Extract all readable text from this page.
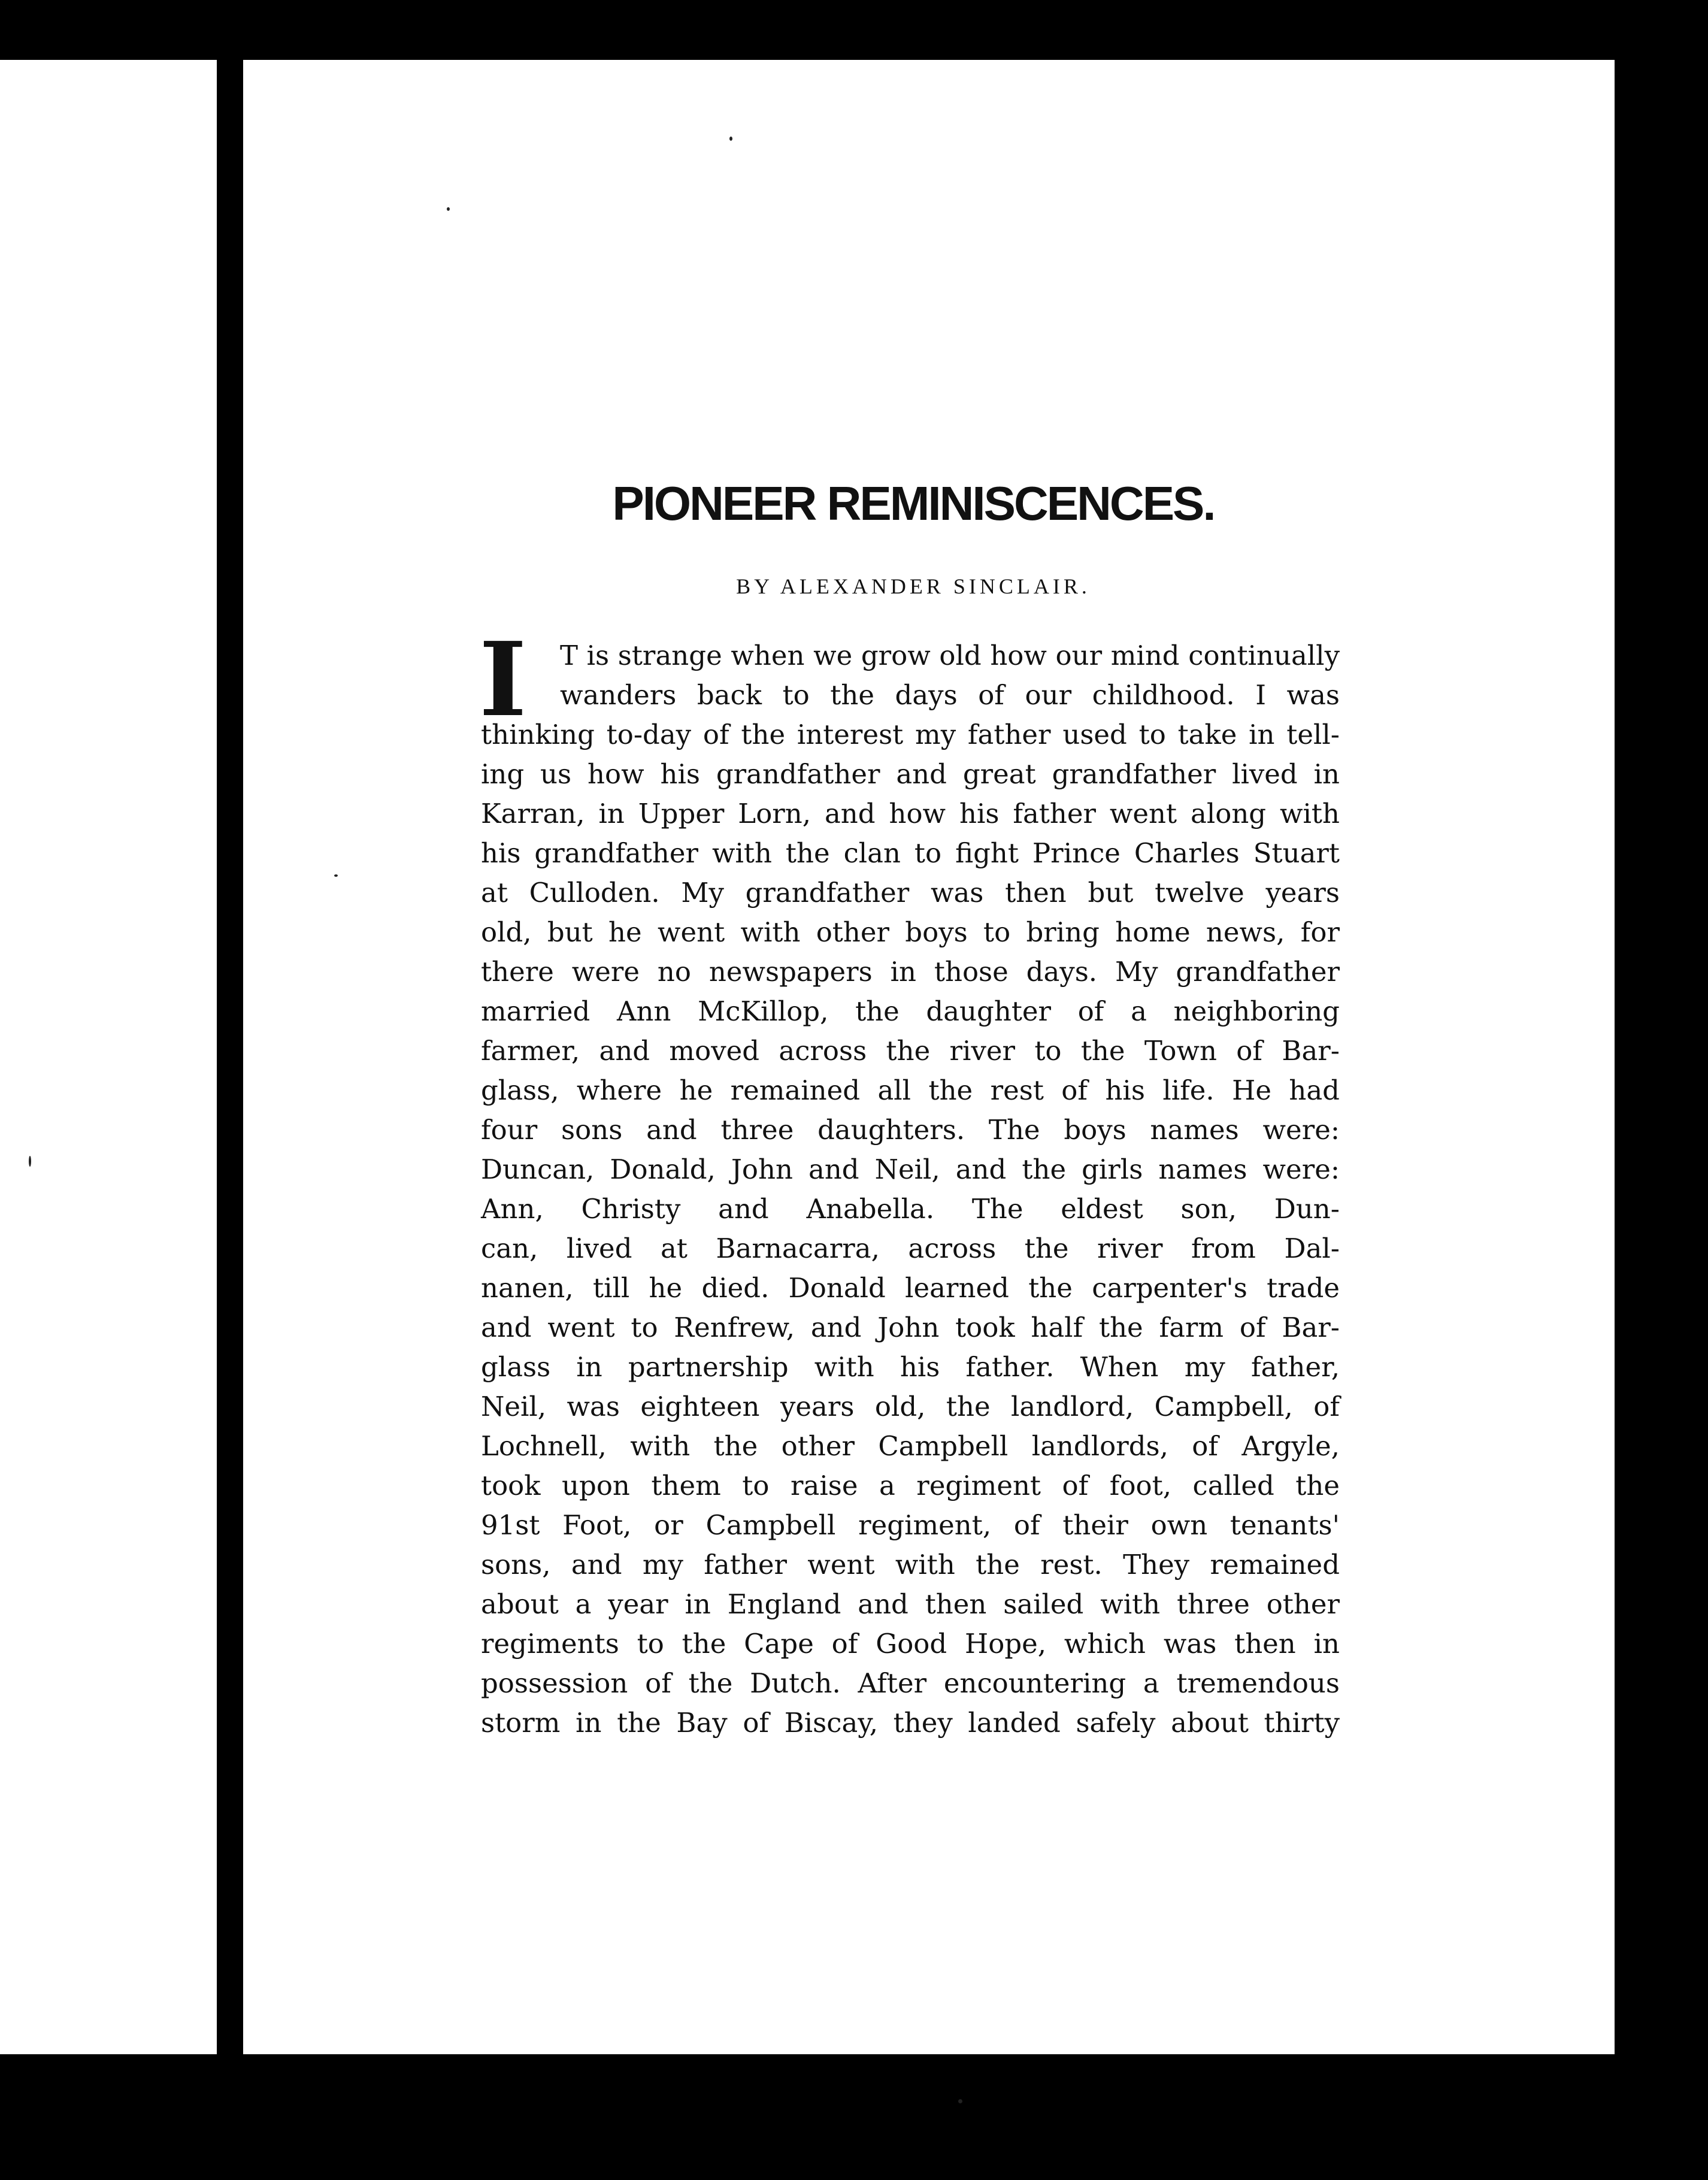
PIONEER REMINISCENCES.
BY ALEXANDER SINCLAIR.
I T is strange when we grow old how our mind continually
wanders back to the days of our childhood. I was
thinking to-day of the interest my father used to take in tell-
ing us how his grandfather and great grandfather lived in
Karran, in Upper Lorn, and how his father went along with
his grandfather with the clan to fight Prince Charles Stuart
at Culloden. My grandfather was then but twelve years
old, but he went with other boys to bring home news, for
there were no newspapers in those days. My grandfather
married Ann McKillop, the daughter of a neighboring
farmer, and moved across the river to the Town of Bar-
glass, where he remained all the rest of his life. He had
four sons and three daughters. The boys names were:
Duncan, Donald, John and Neil, and the girls names were:
Ann, Christy and Anabella. The eldest son, Dun-
can, lived at Barnacarra, across the river from Dal-
nanen, till he died. Donald learned the carpenter's trade
and went to Renfrew, and John took half the farm of Bar-
glass in partnership with his father. When my father,
Neil, was eighteen years old, the landlord, Campbell, of
Lochnell, with the other Campbell landlords, of Argyle,
took upon them to raise a regiment of foot, called the
91st Foot, or Campbell regiment, of their own tenants'
sons, and my father went with the rest. They remained
about a year in England and then sailed with three other
regiments to the Cape of Good Hope, which was then in
possession of the Dutch. After encountering a tremendous
storm in the Bay of Biscay, they landed safely about thirty
